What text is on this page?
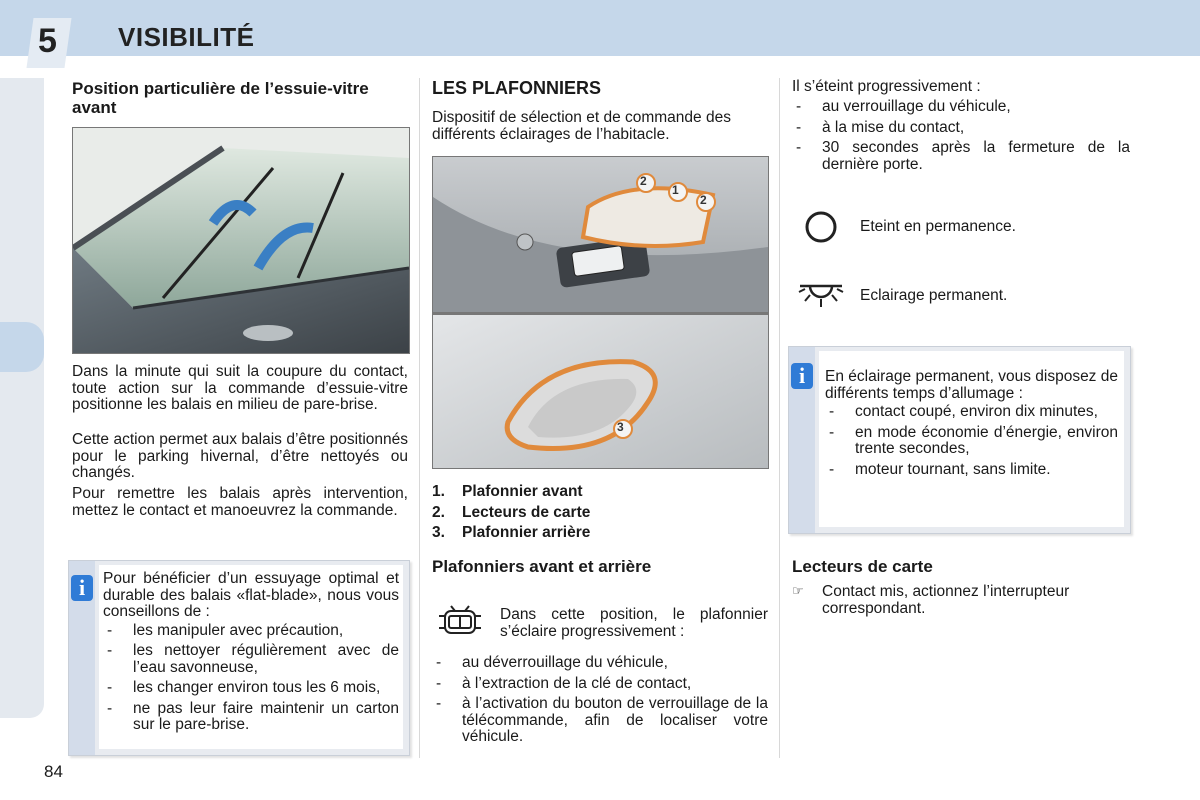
5 VISIBILITÉ
84
Position particulière de l’essuie-vitre avant

Dans la minute qui suit la coupure du contact, toute action sur la commande d’essuie-vitre positionne les balais en milieu de pare-brise.

Cette action permet aux balais d’être positionnés pour le parking hivernal, d’être nettoyés ou changés.

Pour remettre les balais après intervention, mettez le contact et manoeuvrez la commande.

i	Pour bénéficier d’un essuyage optimal et durable des balais «flat-blade», nous vous conseillons de :

- les manipuler avec précaution,
- les nettoyer régulièrement avec de l’eau savonneuse,
- les changer environ tous les 6 mois,
- ne pas leur faire maintenir un carton sur le pare-brise.
LES PLAFONNIERS

Dispositif de sélection et de commande des différents éclairages de l’habitacle.

2
1
2
3
1. Plafonnier avant
2. Lecteurs de carte
3. Plafonnier arrière
Plafonniers avant et arrière

Dans cette position, le plafonnier s’éclaire progressivement :

- au déverrouillage du véhicule,
- à l’extraction de la clé de contact,
- à l’activation du bouton de verrouillage de la télécommande, afin de localiser votre véhicule.

Il s’éteint progressivement :

- au verrouillage du véhicule,
- à la mise du contact,
- 30 secondes après la fermeture de la dernière porte.

Eteint en permanence.

Eclairage permanent.

i	En éclairage permanent, vous disposez de différents temps d’allumage :

- contact coupé, environ dix minutes,
- en mode économie d’énergie, environ trente secondes,
- moteur tournant, sans limite.
Lecteurs de carte
☞ Contact mis, actionnez l’interrupteur correspondant.
